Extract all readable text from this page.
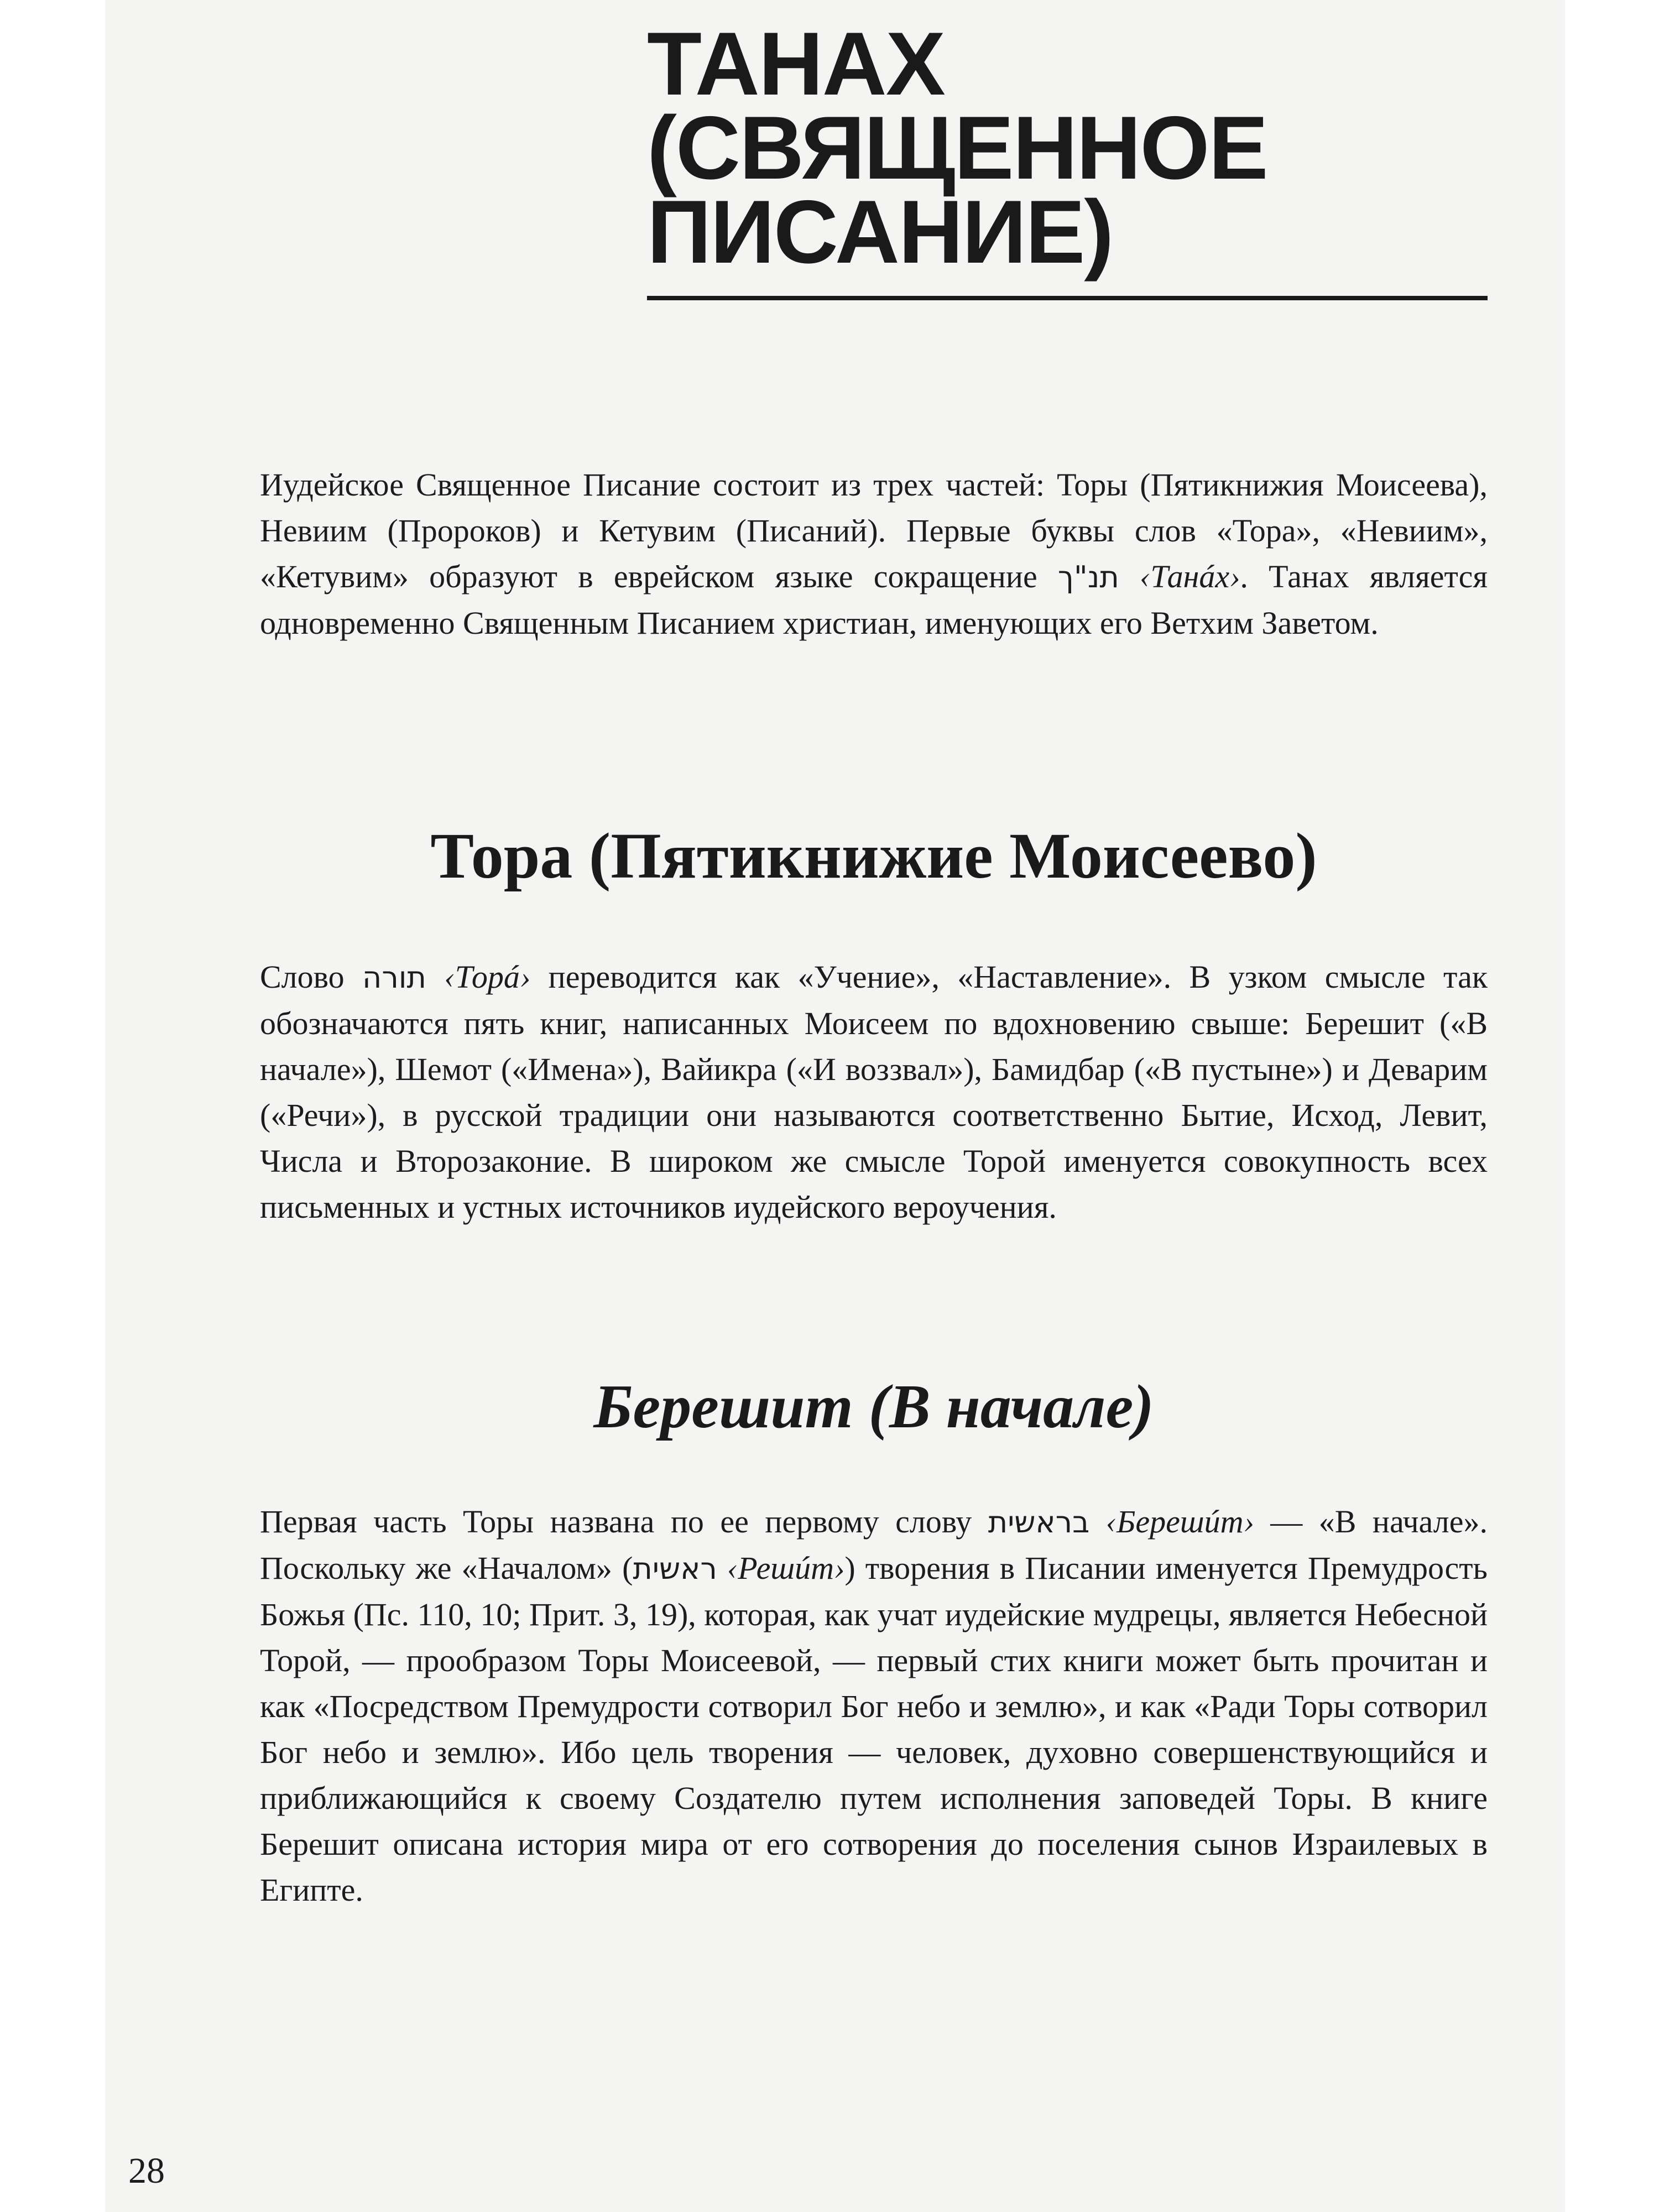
ТАНАХ
(СВЯЩЕННОЕ
ПИСАНИЕ)

Иудейское Священное Писание состоит из трех частей: Торы (Пятикнижия Моисеева), Невиим (Пророков) и Кетувим (Писаний). Первые буквы слов «Тора», «Невиим», «Кетувим» образуют в еврейском языке сокращение תנ"ך ‹Танáх›. Танах является одновременно Священным Писанием христиан, именующих его Ветхим Заветом.

Тора (Пятикнижие Моисеево)

Слово תורה ‹Торá› переводится как «Учение», «Наставление». В узком смысле так обозначаются пять книг, написанных Моисеем по вдохновению свыше: Берешит («В начале»), Шемот («Имена»), Вайикра («И воззвал»), Бамидбар («В пустыне») и Деварим («Речи»), в русской традиции они называются соответственно Бытие, Исход, Левит, Числа и Второзаконие. В широком же смысле Торой именуется совокупность всех письменных и устных источников иудейского вероучения.

Берешит (В начале)

Первая часть Торы названа по ее первому слову בראשית ‹Берешúт› — «В начале». Поскольку же «Началом» (ראשית ‹Решúт›) творения в Писании именуется Премудрость Божья (Пс. 110, 10; Прит. 3, 19), которая, как учат иудейские мудрецы, является Небесной Торой, — прообразом Торы Моисеевой, — первый стих книги может быть прочитан и как «Посредством Премудрости сотворил Бог небо и землю», и как «Ради Торы сотворил Бог небо и землю». Ибо цель творения — человек, духовно совершенствующийся и приближающийся к своему Создателю путем исполнения заповедей Торы. В книге Берешит описана история мира от его сотворения до поселения сынов Израилевых в Египте.

28
